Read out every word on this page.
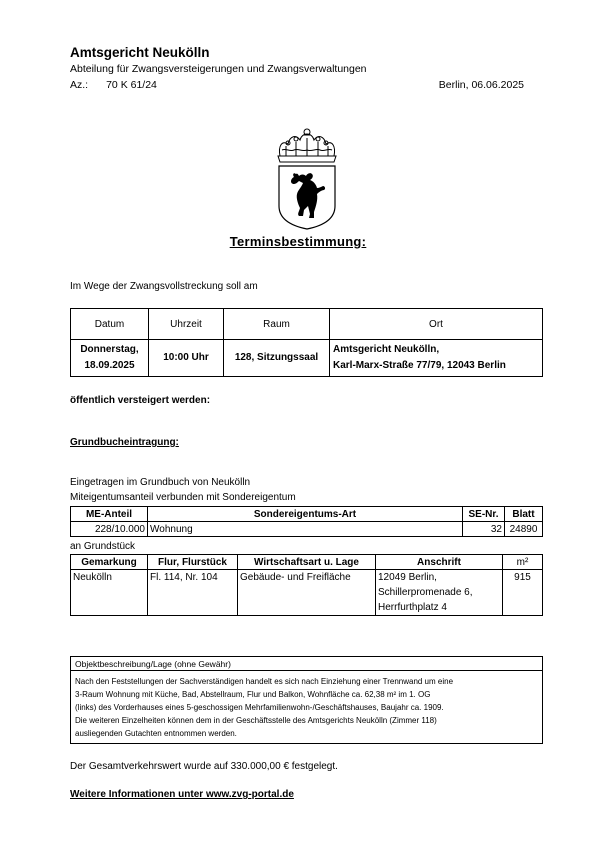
Amtsgericht Neukölln
Abteilung für Zwangsversteigerungen und Zwangsverwaltungen
Az.: 70 K 61/24	Berlin, 06.06.2025
Terminsbestimmung:
Im Wege der Zwangsvollstreckung soll am
Datum	Uhrzeit	Raum	Ort
Donnerstag,
18.09.2025	10:00 Uhr	128, Sitzungssaal	Amtsgericht Neukölln,
Karl-Marx-Straße 77/79, 12043 Berlin
öffentlich versteigert werden:
Grundbucheintragung:
Eingetragen im Grundbuch von Neukölln
Miteigentumsanteil verbunden mit Sondereigentum
ME-Anteil	Sondereigentums-Art	SE-Nr.	Blatt
228/10.000	Wohnung	32	24890
an Grundstück
Gemarkung	Flur, Flurstück	Wirtschaftsart u. Lage	Anschrift	m²
Neukölln	Fl. 114, Nr. 104	Gebäude- und Freifläche	12049 Berlin,
Schillerpromenade 6,
Herrfurthplatz 4	915
Objektbeschreibung/Lage (ohne Gewähr)
Nach den Feststellungen der Sachverständigen handelt es sich nach Einziehung einer Trennwand um eine
3-Raum Wohnung mit Küche, Bad, Abstellraum, Flur und Balkon, Wohnfläche ca. 62,38 m² im 1. OG
(links) des Vorderhauses eines 5-geschossigen Mehrfamilienwohn-/Geschäftshauses, Baujahr ca. 1909.
Die weiteren Einzelheiten können dem in der Geschäftsstelle des Amtsgerichts Neukölln (Zimmer 118)
ausliegenden Gutachten entnommen werden.
Der Gesamtverkehrswert wurde auf 330.000,00 € festgelegt.
Weitere Informationen unter www.zvg-portal.de
